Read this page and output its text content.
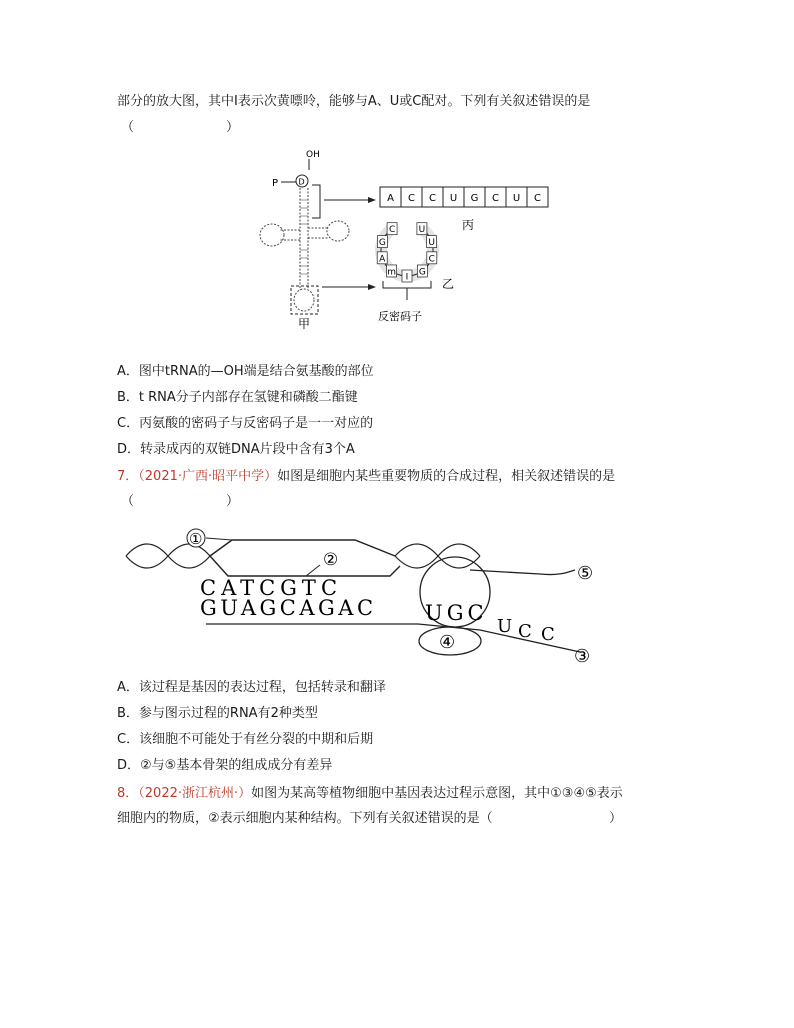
部分的放大图，其中I表示次黄嘌呤，能够与A、U或C配对。下列有关叙述错误的是
（	）
OH
P	D
甲
A C C U G C U C
丙
C
G
A
m
I
G
C
U
U
乙
反密码子
A．图中tRNA的—OH端是结合氨基酸的部位
B．t RNA分子内部存在氢键和磷酸二酯键
C．丙氨酸的密码子与反密码子是一一对应的
D．转录成丙的双链DNA片段中含有3个A
7．（2021·广西·昭平中学）如图是细胞内某些重要物质的合成过程，相关叙述错误的是
（	）
①
②
CATCGTC
GUAGCAGAC UGC
U C C
④
⑤
③
A．该过程是基因的表达过程，包括转录和翻译
B．参与图示过程的RNA有2种类型
C．该细胞不可能处于有丝分裂的中期和后期
D．②与⑤基本骨架的组成成分有差异
8．（2022·浙江杭州·）如图为某高等植物细胞中基因表达过程示意图，其中①③④⑤表示
细胞内的物质，②表示细胞内某种结构。下列有关叙述错误的是（	）
